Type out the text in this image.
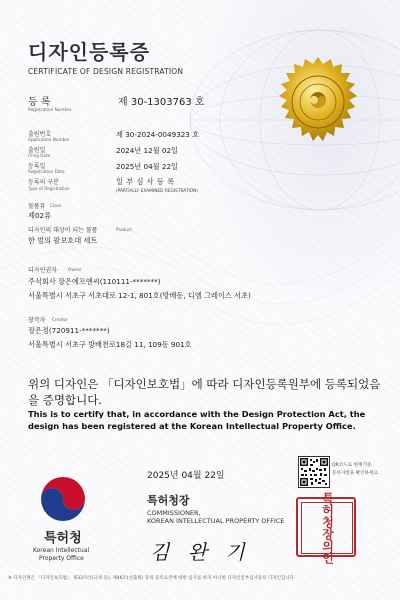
디자인등록증
CERTIFICATE OF DESIGN REGISTRATION
등 록
Registration Number
제 30-1303763 호
출원번호
Application Number
제 30-2024-0049323 호
출원일
Filing Date
2024년 12월 02일
등록일
Registration Date
2025년 04월 22일
등록의 구분
Type of Registration
일 부 심 사 등 록
(PARTIALLY EXAMINED REGISTRATION)
물품류 Class
제02류
디자인의 대상이 되는 물품	Product
한 벌의 팔보호대 세트
디자인권자	Owner
주식회사 장은에프앤씨(110111-*******)
서울특별시 서초구 서초대로 12-1, 801호(방배동, 디엠 그레이스 서초)
창작자 Creator
장은정(720911-*******)
서울특별시 서초구 방배천로18길 11, 109동 901호
위의 디자인은 「디자인보호법」에 따라 디자인등록원부에 등록되었음을 증명합니다.
This is to certify that, in accordance with the Design Protection Act, the design has been registered at the Korean Intellectual Property Office.
2025년 04월 22일
QR코드로 현재기준
등록사항을 확인하세요.
특허청
Korean Intellectual
Property Office
특허청장
COMMISSIONER,
KOREAN INTELLECTUAL PROPERTY OFFICE
김 완 기	특허청장의인
※ 디자인권은 「디자인보호법」 제33조(신규성 등), 제46조(선출원) 등의 등록요건에 대한 심사를 하지 아니한 디자인일부심사등록 디자인입니다.
